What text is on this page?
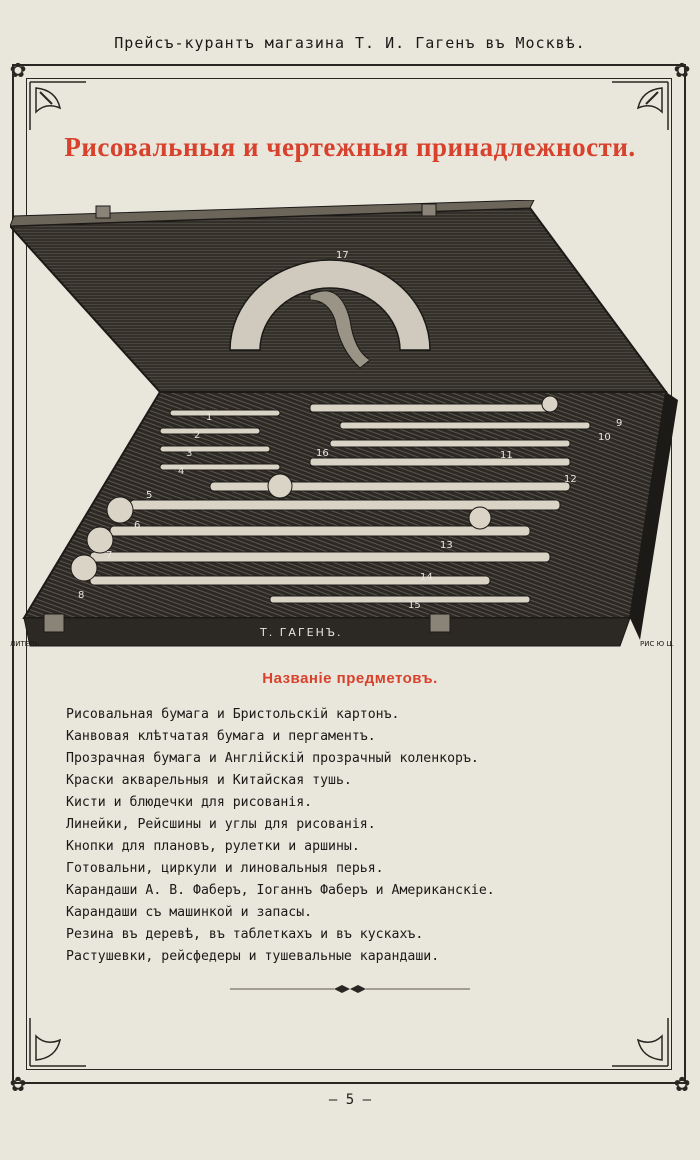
Прейсъ-курантъ магазина Т. И. Гагенъ въ Москвѣ.
✿	✿
✿	✿
Рисовальныя и чертежныя принадлежности.
17
1
2
3
4
5
6
7
8
9
10
11
12
13
14
15
16
Т. ГАГЕНЪ.
ЛИТЕЛЬ	РИС Ю Ц.
Названіе предметовъ.
Рисовальная бумага и Бристольскій картонъ.
Канвовая клѣтчатая бумага и пергаментъ.
Прозрачная бумага и Англійскій прозрачный коленкоръ.
Краски акварельныя и Китайская тушь.
Кисти и блюдечки для рисованія.
Линейки, Рейсшины и углы для рисованія.
Кнопки для плановъ, рулетки и аршины.
Готовальни, циркули и линовальныя перья.
Карандаши А. В. Фаберъ, Іоганнъ Фаберъ и Американскіе.
Карандаши съ машинкой и запасы.
Резина въ деревѣ, въ таблеткахъ и въ кускахъ.
Растушевки, рейсфедеры и тушевальные карандаши.
— 5 —
